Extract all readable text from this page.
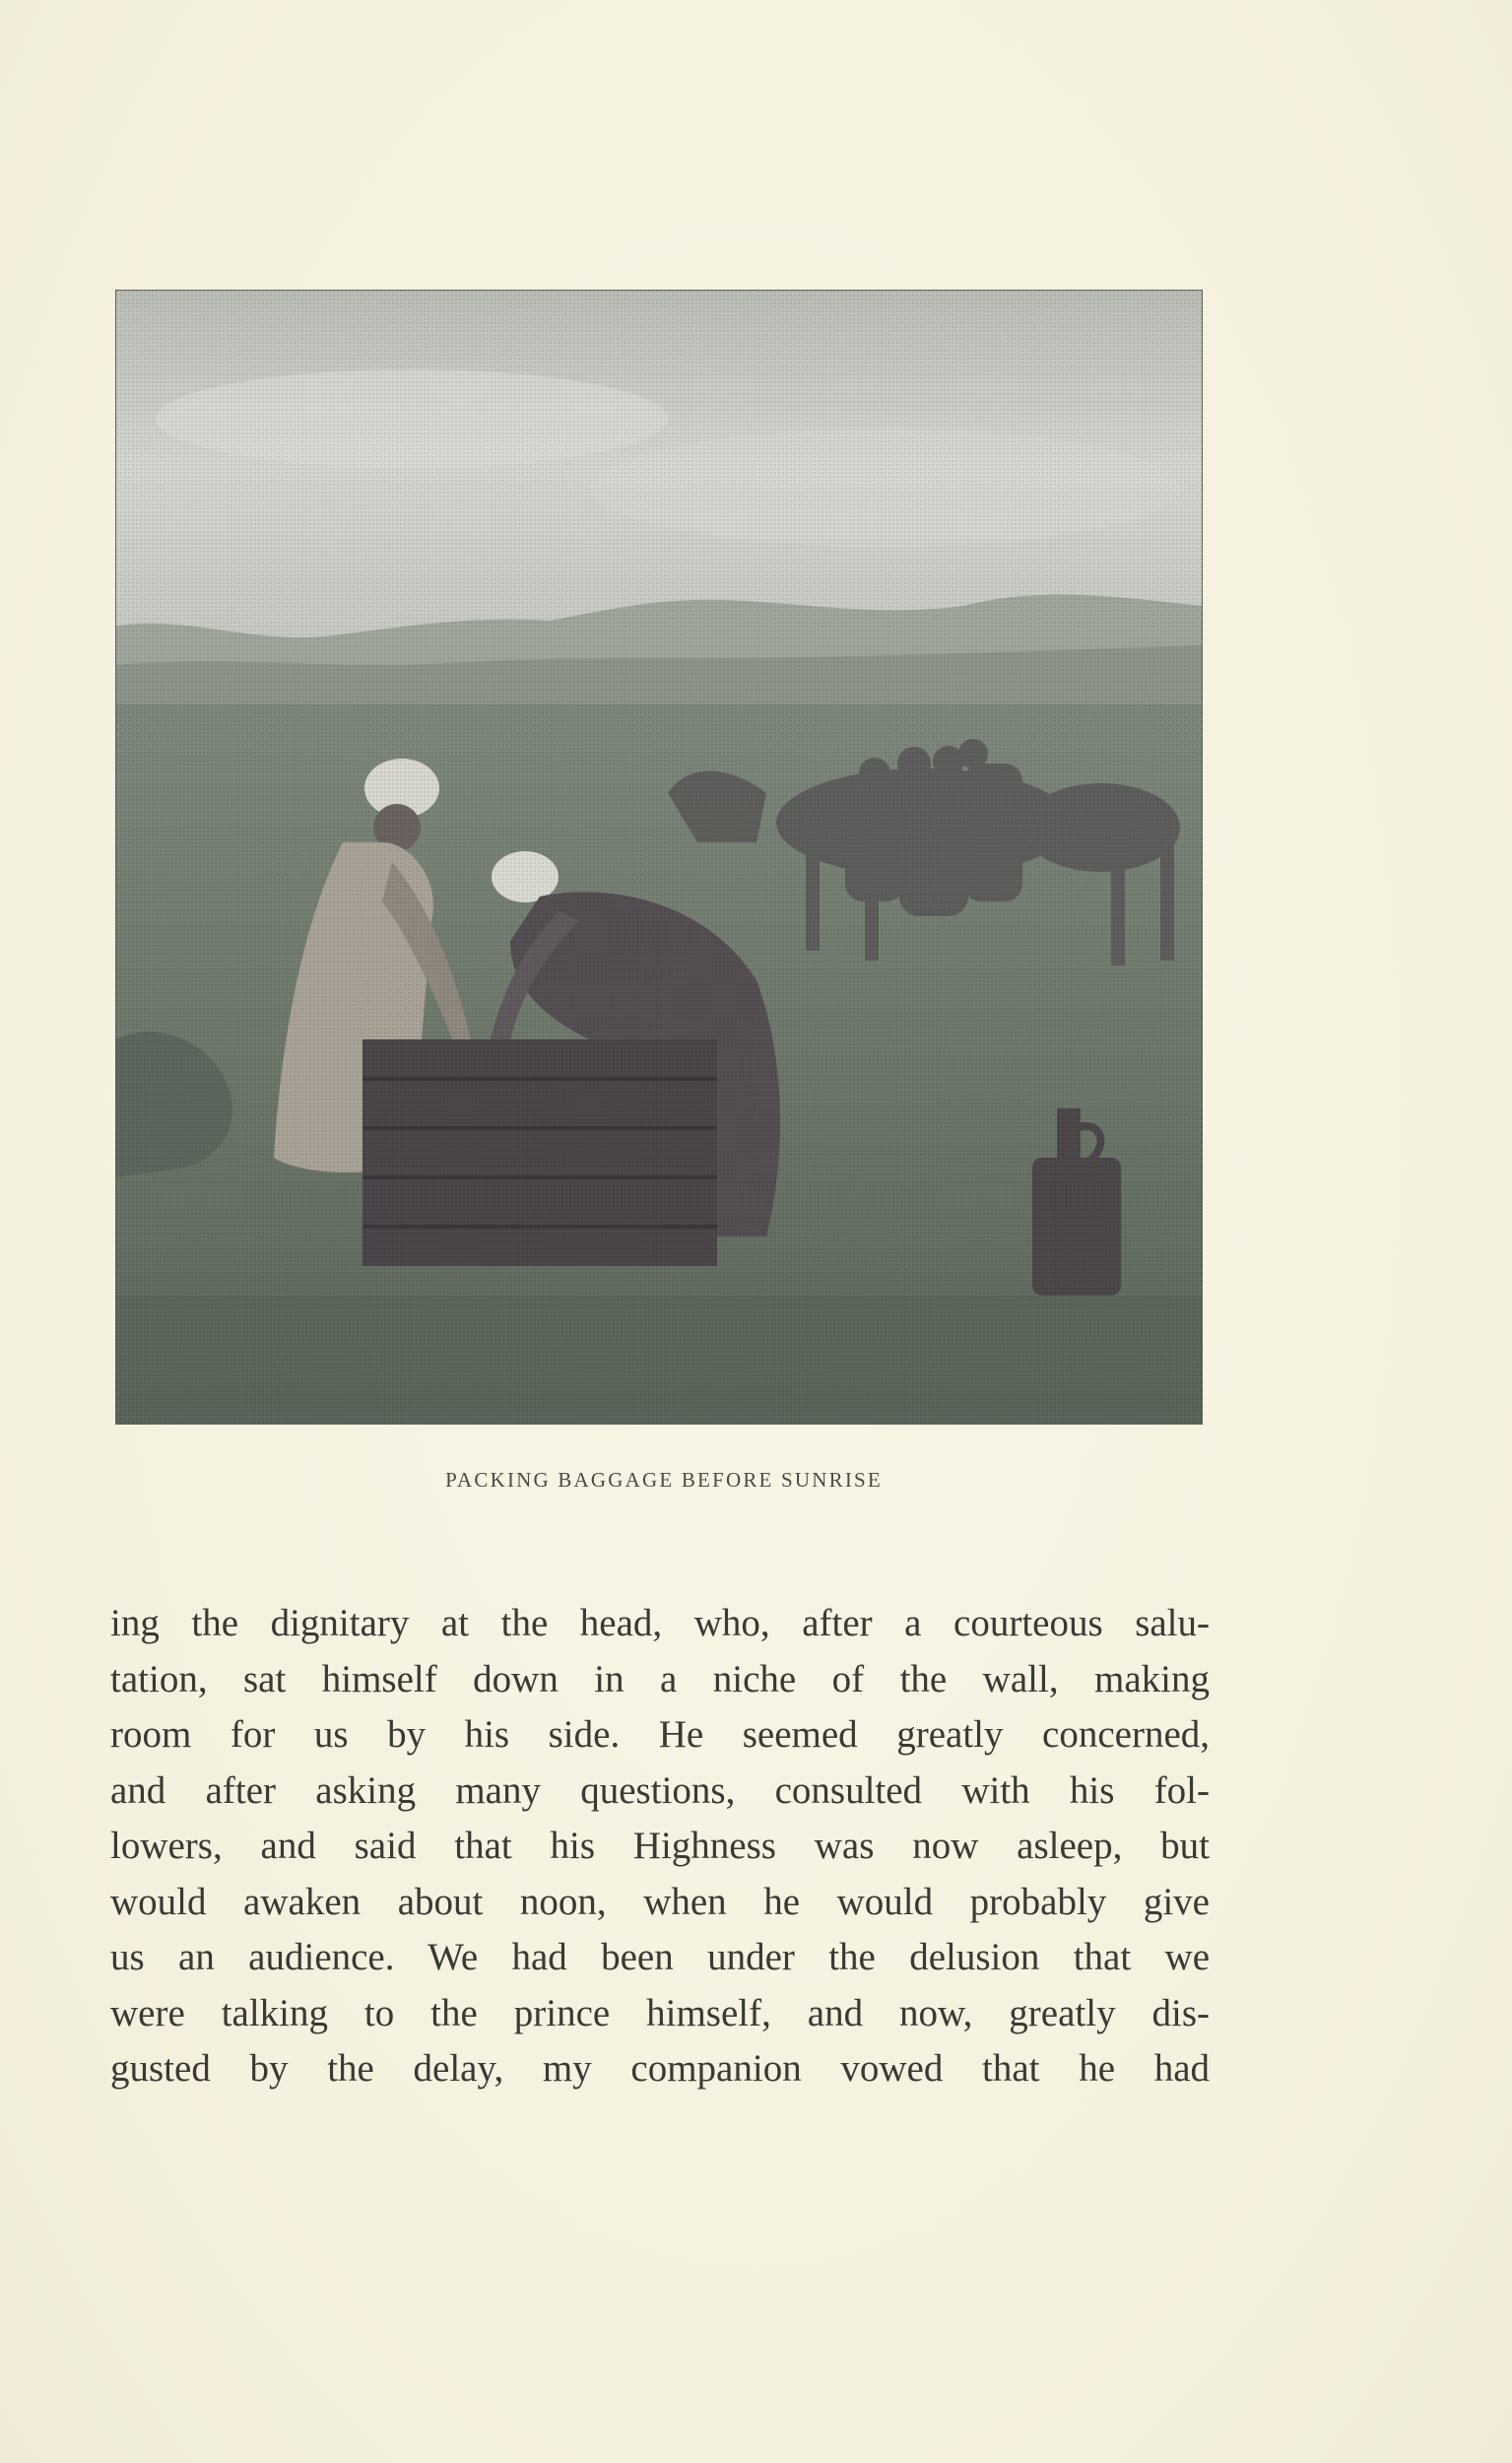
PACKING BAGGAGE BEFORE SUNRISE
ing the dignitary at the head, who, after a courteous salu-
tation, sat himself down in a niche of the wall, making
room for us by his side. He seemed greatly concerned,
and after asking many questions, consulted with his fol-
lowers, and said that his Highness was now asleep, but
would awaken about noon, when he would probably give
us an audience. We had been under the delusion that we
were talking to the prince himself, and now, greatly dis-
gusted by the delay, my companion vowed that he had
